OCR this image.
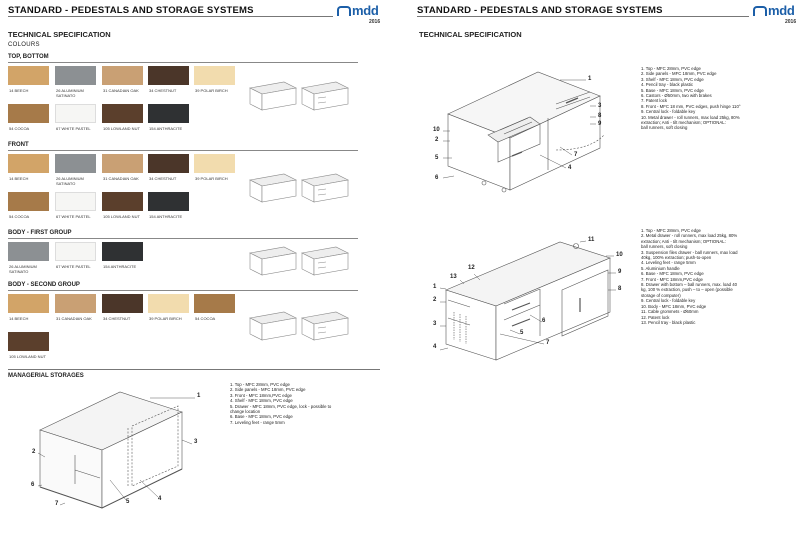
STANDARD - PEDESTALS AND STORAGE SYSTEMS	mdd
2016
TECHNICAL SPECIFICATION
COLOURS
TOP, BOTTOM
14 BEECH	26 ALUMINIUM SATINATO
31 CANADIAN OAK	34 CHESTNUT	39 POLAR BIRCH
54 COCOA	67 WHITE PASTEL	105 LOWLAND NUT	154 ANTHRACITE
FRONT
14 BEECH	26 ALUMINIUM SATINATO
31 CANADIAN OAK	34 CHESTNUT	39 POLAR BIRCH
54 COCOA	67 WHITE PASTEL	105 LOWLAND NUT	154 ANTHRACITE
BODY - FIRST GROUP
26 ALUMINIUM SATINATO
67 WHITE PASTEL	154 ANTHRACITE
BODY - SECOND GROUP
14 BEECH	31 CANADIAN OAK	34 CHESTNUT	39 POLAR BIRCH	54 COCOA
105 LOWLAND NUT
MANAGERIAL STORAGES
1
2
3
4
5
6
7
1. Top - MFC 28mm, PVC edge
2. Side panels - MFC 18mm, PVC edge
3. Front - MFC 18mm,PVC edge
4. Shelf - MFC 18mm, PVC edge
5. Drawer - MFC 18mm, PVC edge, lock - possible to
change location
6. Base - MFC 18mm, PVC edge
7. Leveling feet - range 5mm
STANDARD - PEDESTALS AND STORAGE SYSTEMS	mdd
2016
TECHNICAL SPECIFICATION
1
2
3
4
5
6
7
8
9
10
1. Top - MFC 28mm, PVC edge
2. Side panels - MFC 18mm, PVC edge
3. Shelf - MFC 18mm, PVC edge
4. Pencil tray - black plastic
5. Base - MFC 18mm, PVC edge
6. Castors - Ø50mm, two with brakes
7. Patent lock
8. Front - MFC 18 mm, PVC edges, push hinge 110°
9. Central lock - foldable key
10. Metal drawer - roll runners, max load 25kg, 80%
extraction; Anti - tilt mechanism; OPTIONAL:
ball runners, soft closing
1
2
3
4
5
6
7
8
9
10
11
12
13
1. Top - MFC 28mm, PVC edge
2. Metal drawer - roll runners, max load 25kg, 80%
extraction; Anti - tilt mechanism; OPTIONAL:
ball runners, soft closing
3. Suspension files drawer - ball runners, max load
40kg, 100% extraction; push-to-open
4. Leveling feet - range 5mm
5. Aluminium handle
6. Base - MFC 18mm, PVC edge
7. Front - MFC 18mm,PVC edge
8. Drawer with bottom – ball runners, max. load 40
kg, 100 % extraction, push – to – open (possible
storage of computer)
9. Central lock - foldable key
10. Body - MFC 18mm, PVC edge
11. Cable grommets - Ø60mm
12. Patent lock
13. Pencil tray - black plastic
